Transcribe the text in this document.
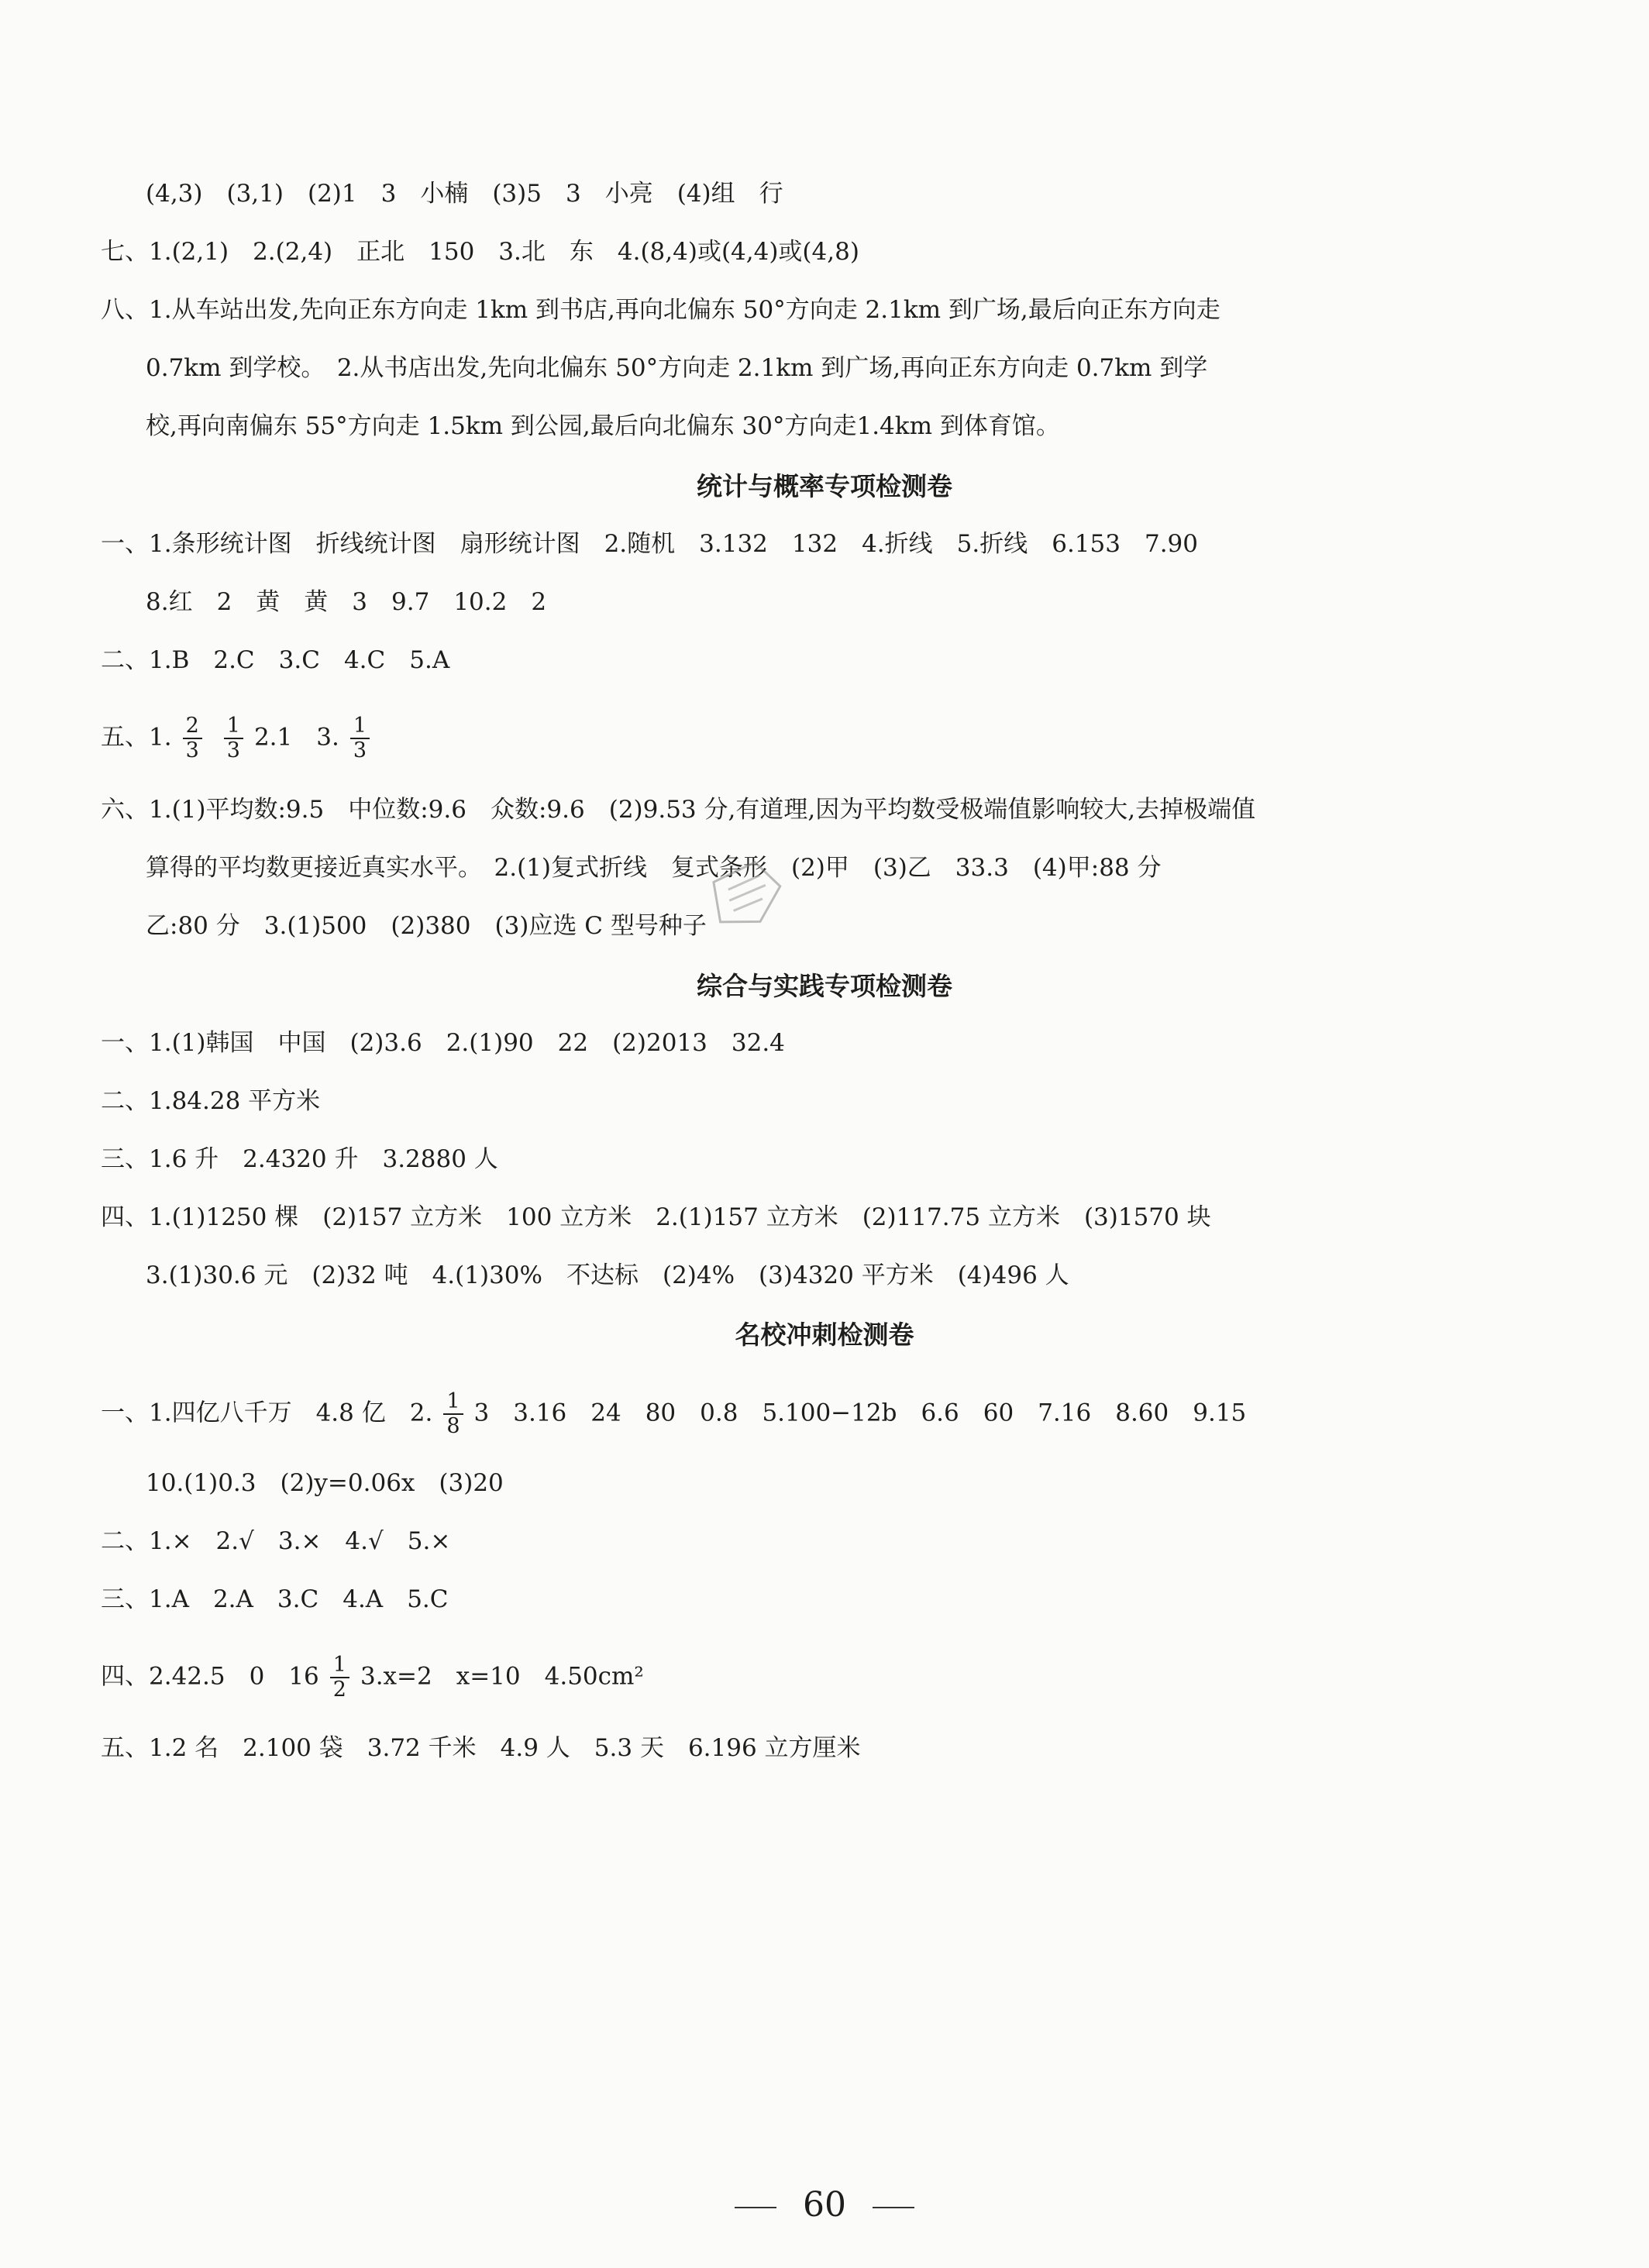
(4,3)　(3,1)　(2)1　3　小楠　(3)5　3　小亮　(4)组　行
七、1.(2,1)　2.(2,4)　正北　150　3.北　东　4.(8,4)或(4,4)或(4,8)
八、1.从车站出发,先向正东方向走 1km 到书店,再向北偏东 50°方向走 2.1km 到广场,最后向正东方向走
0.7km 到学校。　2.从书店出发,先向北偏东 50°方向走 2.1km 到广场,再向正东方向走 0.7km 到学
校,再向南偏东 55°方向走 1.5km 到公园,最后向北偏东 30°方向走1.4km 到体育馆。
统计与概率专项检测卷
一、1.条形统计图　折线统计图　扇形统计图　2.随机　3.132　132　4.折线　5.折线　6.153　7.90
8.红　2　黄　黄　3　9.7　10.2　2
二、1.B　2.C　3.C　4.C　5.A
五、1. $\frac{2}{3} \frac{1}{3} 2.1$　3. $\frac{1}{3}$
六、1.(1)平均数:9.5　中位数:9.6　众数:9.6　(2)9.53 分,有道理,因为平均数受极端值影响较大,去掉极端值
算得的平均数更接近真实水平。　2.(1)复式折线　复式条形　(2)甲　(3)乙　33.3　(4)甲:88 分
乙:80 分　3.(1)500　(2)380　(3)应选 C 型号种子
综合与实践专项检测卷
一、1.(1)韩国　中国　(2)3.6　2.(1)90　22　(2)2013　32.4
二、1.84.28 平方米
三、1.6 升　2.4320 升　3.2880 人
四、1.(1)1250 棵　(2)157 立方米　100 立方米　2.(1)157 立方米　(2)117.75 立方米　(3)1570 块
3.(1)30.6 元　(2)32 吨　4.(1)30%　不达标　(2)4%　(3)4320 平方米　(4)496 人
名校冲刺检测卷
一、1.四亿八千万　4.8 亿　2. $\frac{1}{8} 3$　3.16　24　80　0.8　5.100−12b　6.6　60　7.16　8.60　9.15
10.(1)0.3　(2)y=0.06x　(3)20
二、1.×　2.√　3.×　4.√　5.×
三、1.A　2.A　3.C　4.A　5.C
四、2.42.5　0　$16 \frac{1}{2} 3.x=2$　x=10　4.50cm²
五、1.2 名　2.100 袋　3.72 千米　4.9 人　5.3 天　6.196 立方厘米
60
